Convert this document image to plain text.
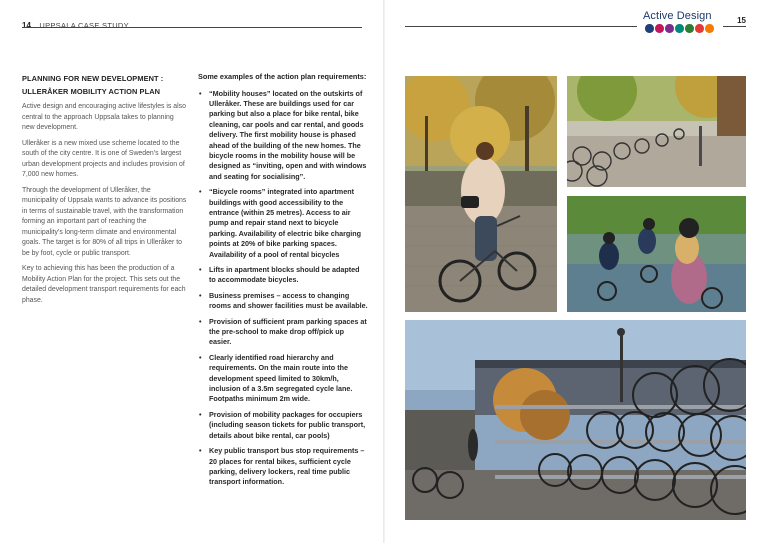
14 UPPSALA CASE STUDY
Active Design	15
PLANNING FOR NEW DEVELOPMENT : ULLERÅKER MOBILITY ACTION PLAN

Active design and encouraging active lifestyles is also central to the approach Uppsala takes to planning new development.

Ulleråker is a new mixed use scheme located to the south of the city centre. It is one of Sweden's largest urban development projects and includes provision of 7,000 new homes.

Through the development of Ulleråker, the municipality of Uppsala wants to advance its positions in terms of sustainable travel, with the transformation forming an important part of reaching the municipality's long-term climate and environmental goals. The target is for 80% of all trips in Ulleråker to be by foot, cycle or public transport.

Key to achieving this has been the production of a Mobility Action Plan for the project. This sets out the detailed development transport requirements for each phase.

Some examples of the action plan requirements:

• “Mobility houses” located on the outskirts of Ulleråker. These are buildings used for car parking but also a place for bike rental, bike cleaning, car pools and car rental, and goods delivery. The first mobility house is phased ahead of the building of the new homes. The bicycle rooms in the mobility house will be designed as “inviting, open and with windows and seating for socialising”.
• “Bicycle rooms” integrated into apartment buildings with good accessibility to the entrance (within 25 metres). Access to air pump and repair stand next to bicycle parking. Availability of electric bike charging points at 20% of bike parking spaces. Availability of a pool of rental bicycles
• Lifts in apartment blocks should be adapted to accommodate bicycles.
• Business premises – access to changing rooms and shower facilities must be available.
• Provision of sufficient pram parking spaces at the pre-school to make drop off/pick up easier.
• Clearly identified road hierarchy and requirements. On the main route into the development speed limited to 30km/h, inclusion of a 3.5m segregated cycle lane. Footpaths minimum 2m wide.
• Provision of mobility packages for occupiers (including season tickets for public transport, details about bike rental, car pools)
• Key public transport bus stop requirements – 20 places for rental bikes, sufficient cycle parking, delivery lockers, real time public transport information.
